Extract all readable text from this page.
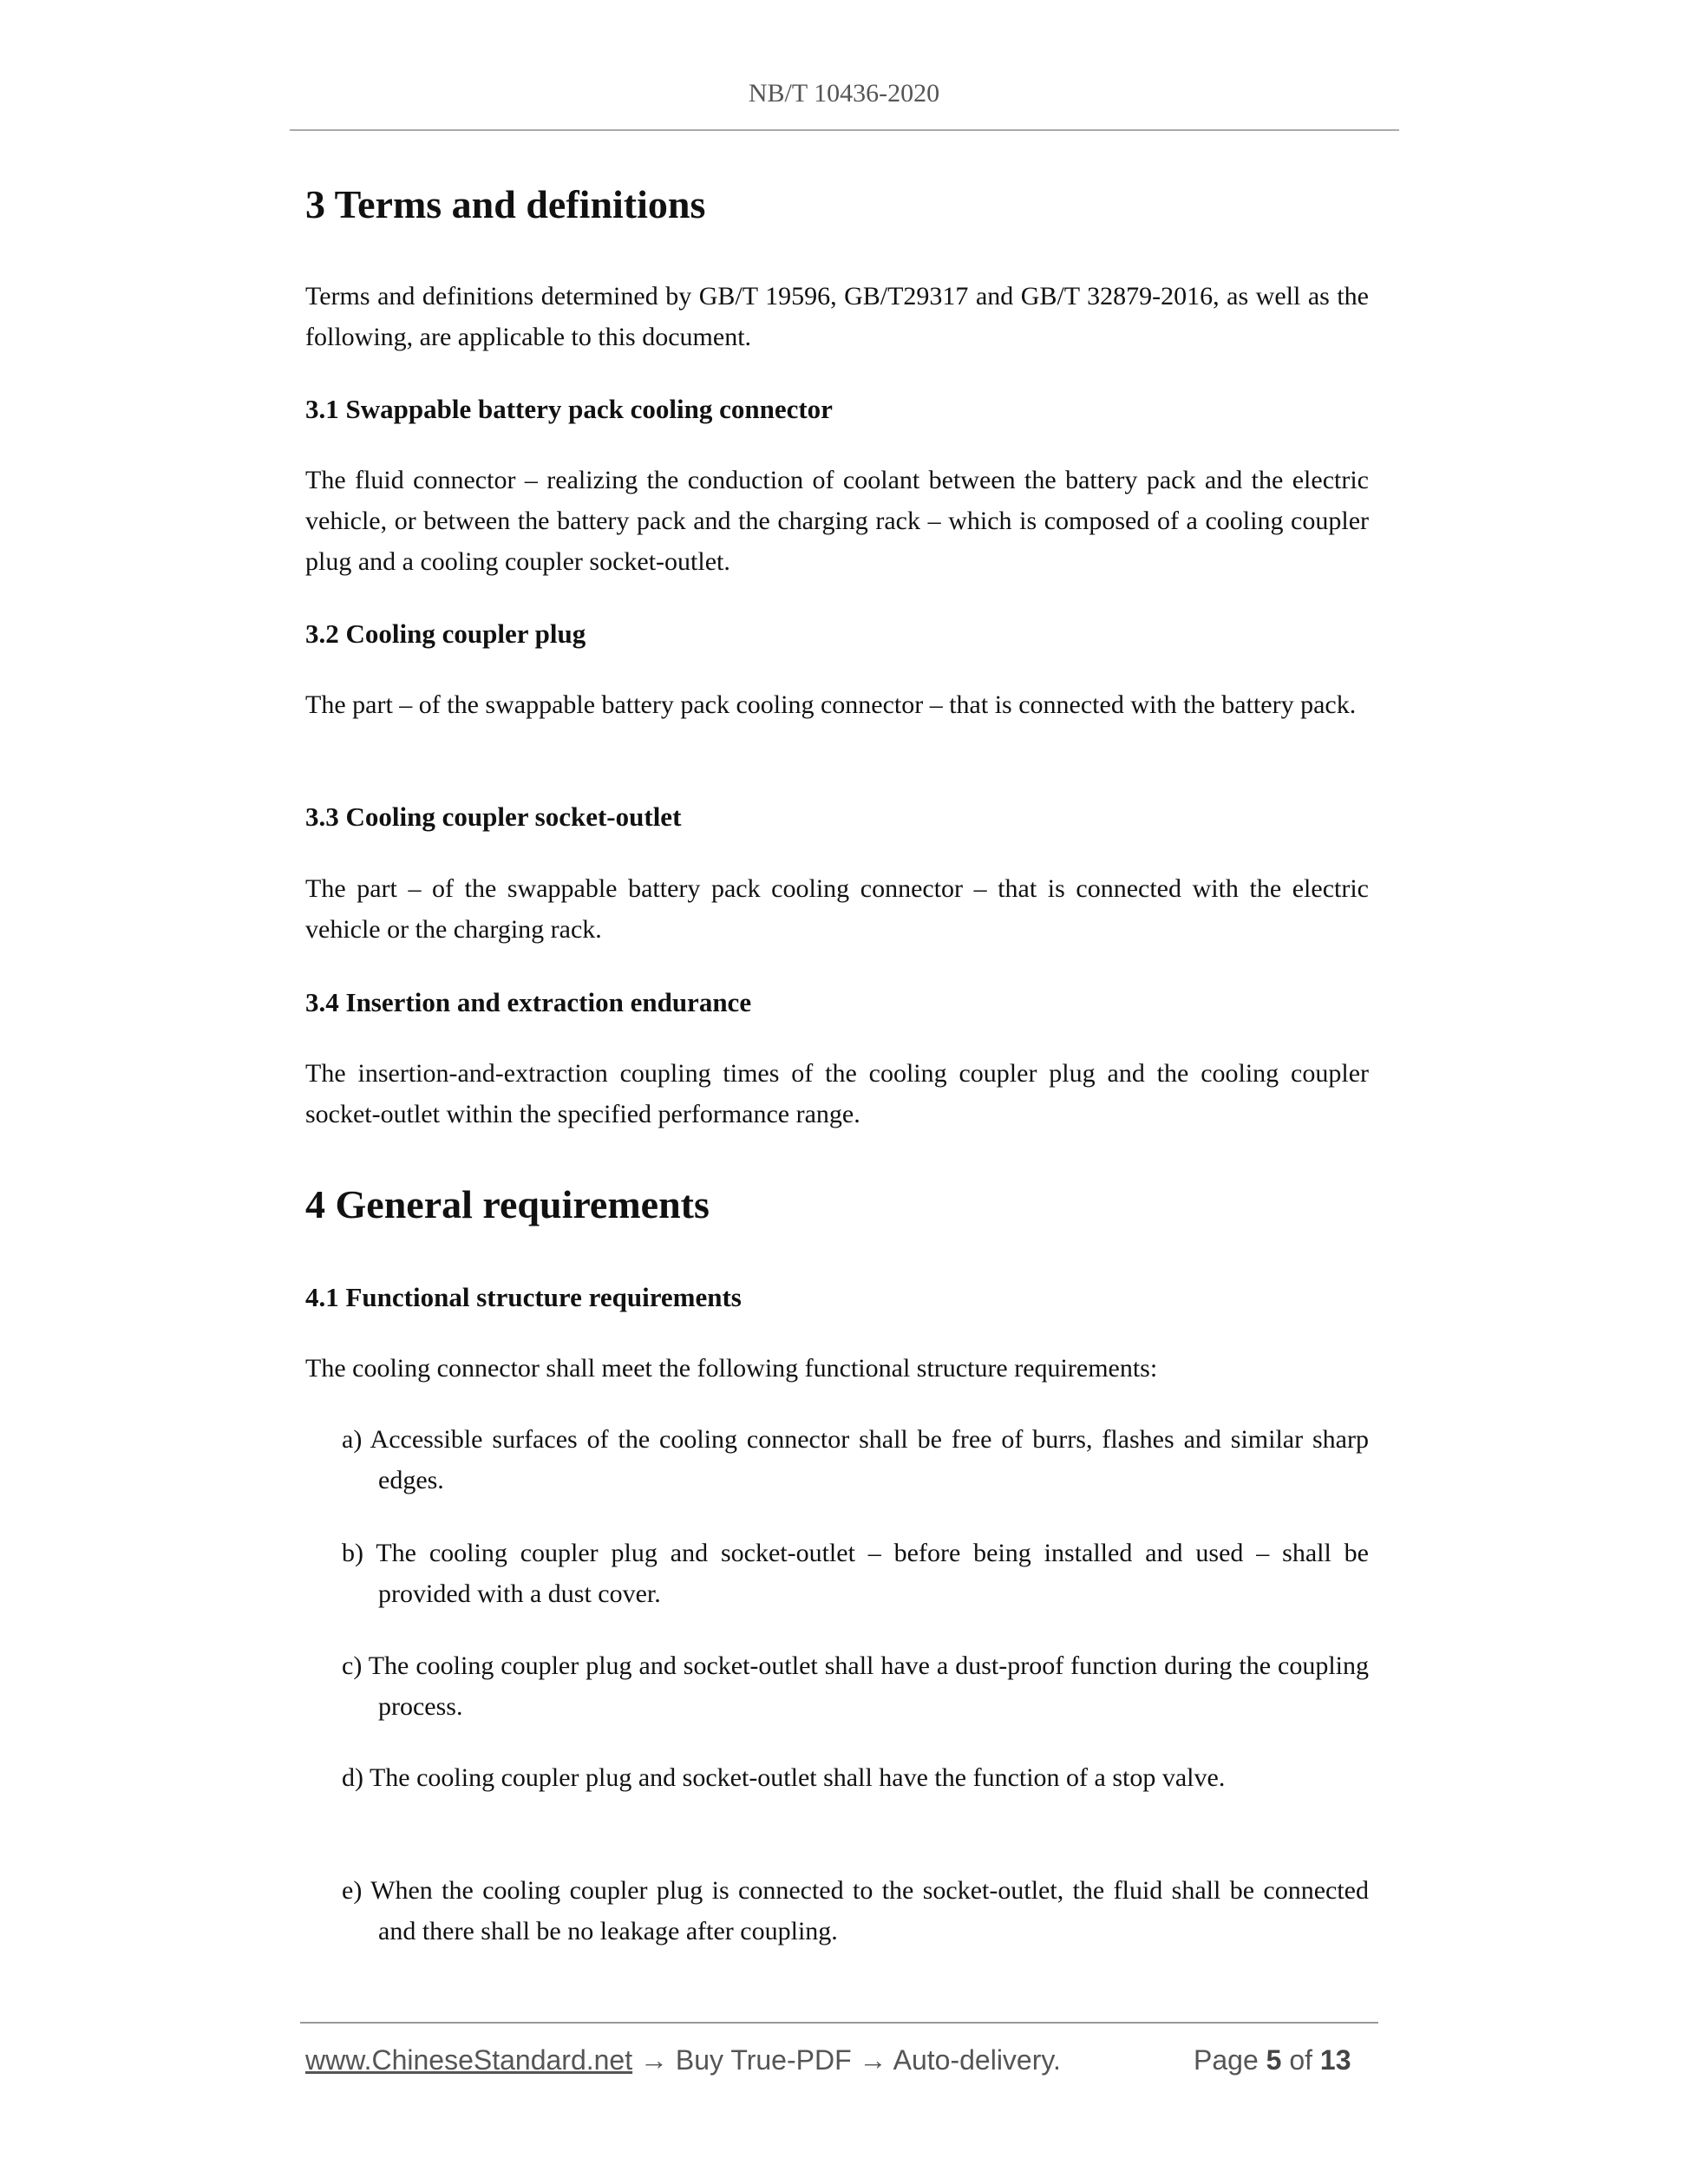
NB/T 10436-2020
3 Terms and definitions
Terms and definitions determined by GB/T 19596, GB/T29317 and GB/T 32879-2016, as well as the following, are applicable to this document.
3.1 Swappable battery pack cooling connector
The fluid connector – realizing the conduction of coolant between the battery pack and the electric vehicle, or between the battery pack and the charging rack – which is composed of a cooling coupler plug and a cooling coupler socket-outlet.
3.2 Cooling coupler plug
The part – of the swappable battery pack cooling connector – that is connected with the battery pack.
3.3 Cooling coupler socket-outlet
The part – of the swappable battery pack cooling connector – that is connected with the electric vehicle or the charging rack.
3.4 Insertion and extraction endurance
The insertion-and-extraction coupling times of the cooling coupler plug and the cooling coupler socket-outlet within the specified performance range.
4 General requirements
4.1 Functional structure requirements
The cooling connector shall meet the following functional structure requirements:
a) Accessible surfaces of the cooling connector shall be free of burrs, flashes and similar sharp edges.
b) The cooling coupler plug and socket-outlet – before being installed and used – shall be provided with a dust cover.
c) The cooling coupler plug and socket-outlet shall have a dust-proof function during the coupling process.
d) The cooling coupler plug and socket-outlet shall have the function of a stop valve.
e) When the cooling coupler plug is connected to the socket-outlet, the fluid shall be connected and there shall be no leakage after coupling.
www.ChineseStandard.net → Buy True-PDF → Auto-delivery.	Page 5 of 13
